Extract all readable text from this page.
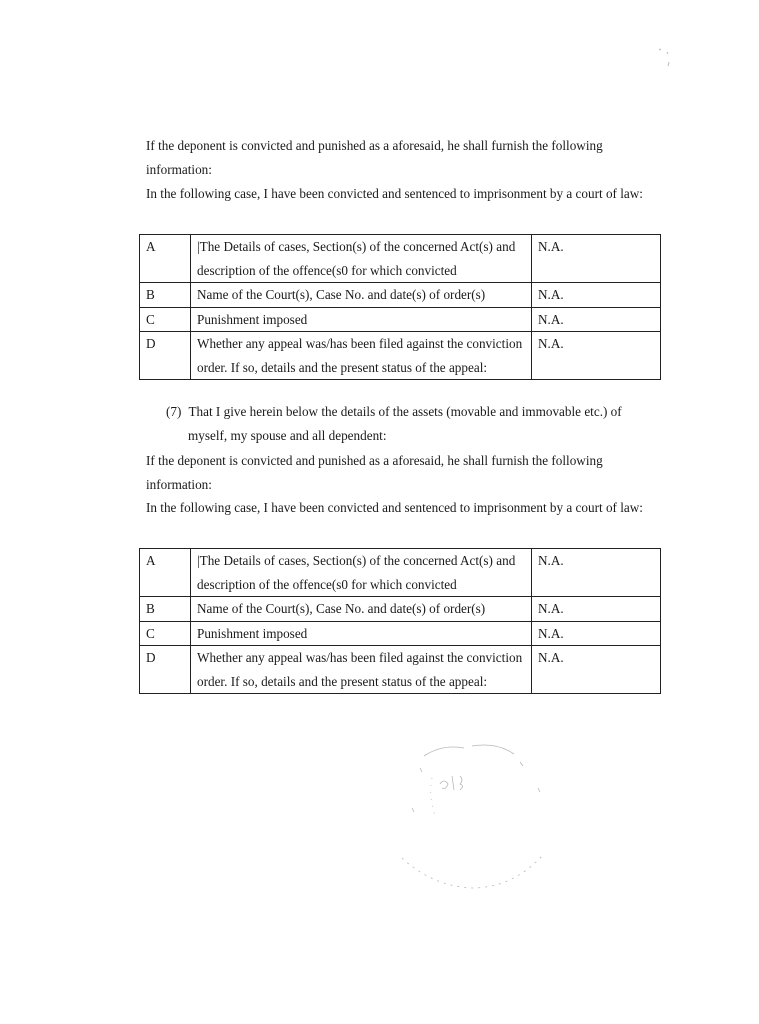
If the deponent is convicted and punished as a aforesaid, he shall furnish the following information:

In the following case, I have been convicted and sentenced to imprisonment by a court of law:

A	|The Details of cases, Section(s) of the concerned Act(s) and description of the offence(s0 for which convicted	N.A.
B	Name of the Court(s), Case No. and date(s) of order(s)	N.A.
C	Punishment imposed	N.A.
D	Whether any appeal was/has been filed against the conviction order. If so, details and the present status of the appeal:	N.A.

(7) That I give herein below the details of the assets (movable and immovable etc.) of
myself, my spouse and all dependent:

If the deponent is convicted and punished as a aforesaid, he shall furnish the following information:

In the following case, I have been convicted and sentenced to imprisonment by a court of law:

A	|The Details of cases, Section(s) of the concerned Act(s) and description of the offence(s0 for which convicted	N.A.
B	Name of the Court(s), Case No. and date(s) of order(s)	N.A.
C	Punishment imposed	N.A.
D	Whether any appeal was/has been filed against the conviction order. If so, details and the present status of the appeal:	N.A.
